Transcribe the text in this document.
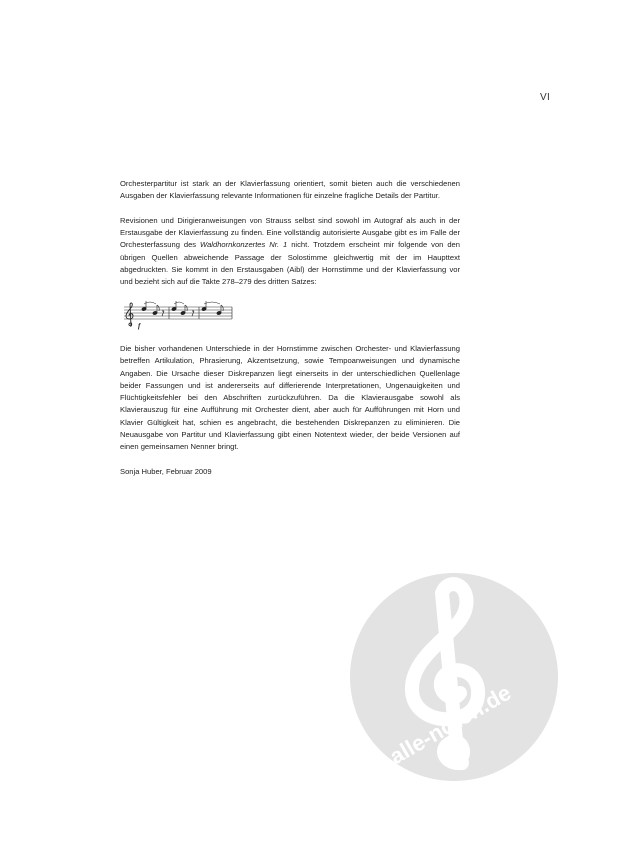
VI

Orchesterpartitur ist stark an der Klavierfassung orientiert, somit bieten auch die verschiedenen Ausgaben der Klavierfassung relevante Informationen für einzelne fragliche Details der Partitur.

Revisionen und Dirigieranweisungen von Strauss selbst sind sowohl im Autograf als auch in der Erstausgabe der Klavierfassung zu finden. Eine vollständig autorisierte Ausgabe gibt es im Falle der Orchesterfassung des Waldhornkonzertes Nr. 1 nicht. Trotzdem erscheint mir folgende von den übrigen Quellen abweichende Passage der Solostimme gleichwertig mit der im Haupttext abgedruckten. Sie kommt in den Erstausgaben (Aibl) der Hornstimme und der Klavierfassung vor und bezieht sich auf die Takte 278–279 des dritten Satzes:

f

Die bisher vorhandenen Unterschiede in der Hornstimme zwischen Orchester- und Klavierfassung betreffen Artikulation, Phrasierung, Akzentsetzung, sowie Tempoanweisungen und dynamische Angaben. Die Ursache dieser Diskrepanzen liegt einerseits in der unterschiedlichen Quellenlage beider Fassungen und ist andererseits auf differierende Interpretationen, Ungenauigkeiten und Flüchtigkeitsfehler bei den Abschriften zurückzuführen. Da die Klavierausgabe sowohl als Klavierauszug für eine Aufführung mit Orchester dient, aber auch für Aufführungen mit Horn und Klavier Gültigkeit hat, schien es angebracht, die bestehenden Diskrepanzen zu eliminieren. Die Neuausgabe von Partitur und Klavierfassung gibt einen Notentext wieder, der beide Versionen auf einen gemeinsamen Nenner bringt.

Sonja Huber, Februar 2009

alle-noten.de
